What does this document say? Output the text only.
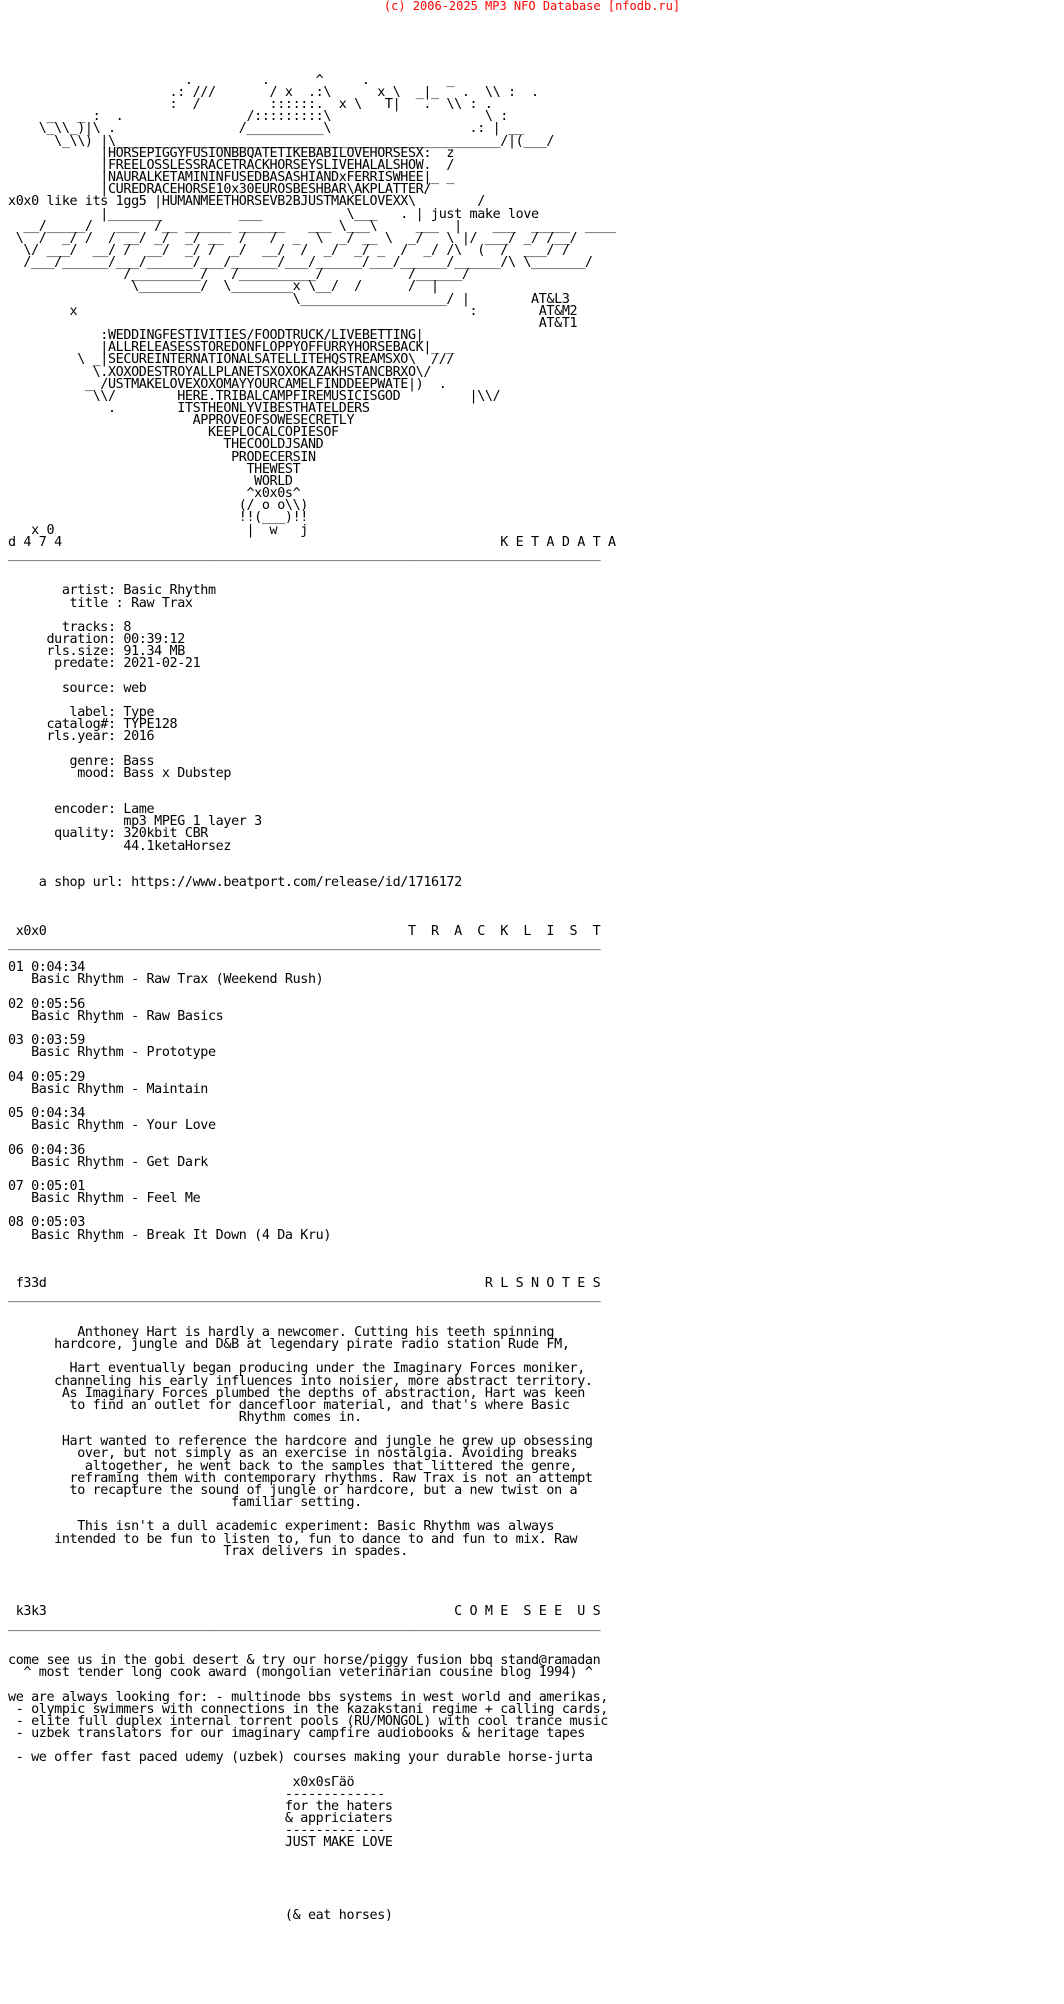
(c) 2006-2025 MP3 NFO Database [nfodb.ru]

.         .      ^     .          _
.: ///       / x  .:\      x \  _|_   .  \\ :  .
:  /         ::::::.  x \   T|   .  \\ : .
_   _ :  .                /:::::::::\                    \ :
\_\\_)|\ .                /__________\                  .: | __
\_\\) |\__________________________________________________/|(___/
|HORSEPIGGYFUSIONBBQATETIKEBABILOVEHORSESX:  z
|FREELOSSLESSRACETRACKHORSEYSLIVEHALALSHOW.  /
|NAURALKETAMININFUSEDBASASHIANDxFERRISWHEE|_ _
|CUREDRACEHORSE10x30EUROSBESHBAR\AKPLATTER/
x0x0 like its 1gg5 |HUMANMEETHORSEVB2BJUSTMAKELOVEXX\        /
|_______          ___           \___   . | just make love
__/_____/   ___  /__ ______ ______   ___ \___\     ___  |    ___  _____  ____
\  /  _/ /  / __/ _/  _/ __  /   /  _  \  _/ __ \  _/   \ |/ ___/ _/ /__/
\/ ___/  __/ /  __/  _/ /  _/  __/  /  _/  _/ _  /  _/ /\  (  /  ___/ /
/___/______/___/______/___/______/___/______/___/______/______/\ \_______/
/_________/   /__________/           /______/
\________/  \________x \__/  /      /  |
\___________________/ |        AT&L3
x                                                   :        AT&M2
AT&T1
:WEDDINGFESTIVITIES/FOODTRUCK/LIVEBETTING|
|ALLRELEASESSTOREDONFLOPPYOFFURRYHORSEBACK|_ _
\ _|SECUREINTERNATIONALSATELLITEHQSTREAMSXO\  ///
\.XOXODESTROYALLPLANETSXOXOKAZAKHSTANCBRXO\/
_ /USTMAKELOVEXOXOMAYYOURCAMELFINDDEEPWATE|)  .
\\/        HERE.TRIBALCAMPFIREMUSICISGOD         |\\/
.        ITSTHEONLYVIBESTHATELDERS
APPROVEOFSOWESECRETLY
KEEPLOCALCOPIESOF
THECOOLDJSAND
PRODECERSIN
THEWEST
WORLD
^x0x0s^
(/ o o\\)
!!(___)!!
x 0                         |  w   j
d 4 7 4                                                         K E T A D A T A
_____________________________________________________________________________

artist: Basic Rhythm
title : Raw Trax

tracks: 8
duration: 00:39:12
rls.size: 91.34 MB
predate: 2021-02-21

source: web

label: Type
catalog#: TYPE128
rls.year: 2016

genre: Bass
mood: Bass x Dubstep

encoder: Lame
mp3 MPEG 1 layer 3
quality: 320kbit CBR
44.1ketaHorsez

a shop url: https://www.beatport.com/release/id/1716172

x0x0                                               T  R  A  C  K  L  I  S  T
_____________________________________________________________________________

01 0:04:34
Basic Rhythm - Raw Trax (Weekend Rush)

02 0:05:56
Basic Rhythm - Raw Basics

03 0:03:59
Basic Rhythm - Prototype

04 0:05:29
Basic Rhythm - Maintain

05 0:04:34
Basic Rhythm - Your Love

06 0:04:36
Basic Rhythm - Get Dark

07 0:05:01
Basic Rhythm - Feel Me

08 0:05:03
Basic Rhythm - Break It Down (4 Da Kru)

f33d                                                         R L S N O T E S
_____________________________________________________________________________

Anthoney Hart is hardly a newcomer. Cutting his teeth spinning
hardcore, jungle and D&B at legendary pirate radio station Rude FM,

Hart eventually began producing under the Imaginary Forces moniker,
channeling his early influences into noisier, more abstract territory.
As Imaginary Forces plumbed the depths of abstraction, Hart was keen
to find an outlet for dancefloor material, and that's where Basic
Rhythm comes in.

Hart wanted to reference the hardcore and jungle he grew up obsessing
over, but not simply as an exercise in nostalgia. Avoiding breaks
altogether, he went back to the samples that littered the genre,
reframing them with contemporary rhythms. Raw Trax is not an attempt
to recapture the sound of jungle or hardcore, but a new twist on a
familiar setting.

This isn't a dull academic experiment: Basic Rhythm was always
intended to be fun to listen to, fun to dance to and fun to mix. Raw
Trax delivers in spades.

k3k3                                                     C O M E  S E E  U S
_____________________________________________________________________________

come see us in the gobi desert & try our horse/piggy fusion bbq stand@ramadan
^ most tender long cook award (mongolian veterinarian cousine blog 1994) ^

we are always looking for: - multinode bbs systems in west world and amerikas,
- olympic swimmers with connections in the kazakstani regime + calling cards,
- elite full duplex internal torrent pools (RU/MONGOL) with cool trance music
- uzbek translators for our imaginary campfire audiobooks & heritage tapes

- we offer fast paced udemy (uzbek) courses making your durable horse-jurta

x0x0sГäö
-------------
for the haters
& appriciaters
-------------
JUST MAKE LOVE

(& eat horses)
